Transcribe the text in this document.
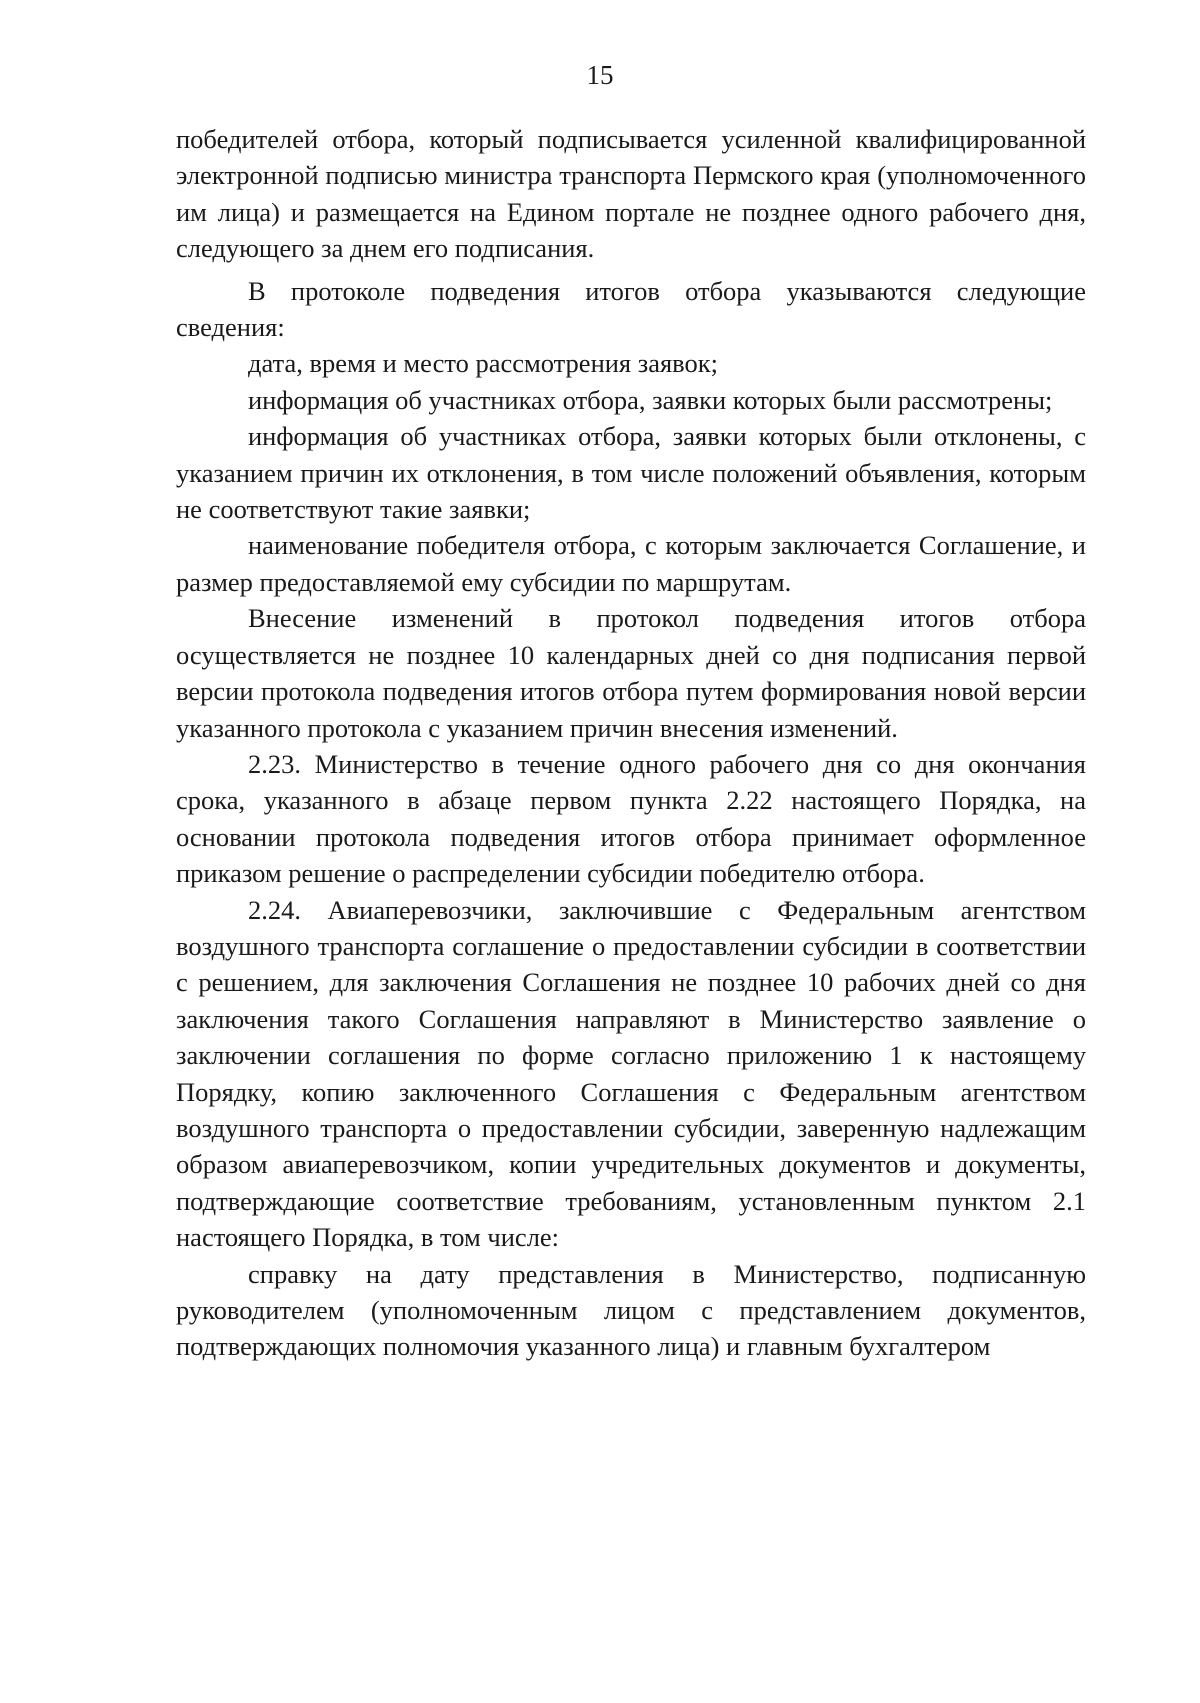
15

победителей отбора, который подписывается усиленной квалифицированной электронной подписью министра транспорта Пермского края (уполномоченного им лица) и размещается на Едином портале не позднее одного рабочего дня, следующего за днем его подписания.

В протоколе подведения итогов отбора указываются следующие сведения:

дата, время и место рассмотрения заявок;

информация об участниках отбора, заявки которых были рассмотрены;

информация об участниках отбора, заявки которых были отклонены, с указанием причин их отклонения, в том числе положений объявления, которым не соответствуют такие заявки;

наименование победителя отбора, с которым заключается Соглашение, и размер предоставляемой ему субсидии по маршрутам.

Внесение изменений в протокол подведения итогов отбора осуществляется не позднее 10 календарных дней со дня подписания первой версии протокола подведения итогов отбора путем формирования новой версии указанного протокола с указанием причин внесения изменений.

2.23. Министерство в течение одного рабочего дня со дня окончания срока, указанного в абзаце первом пункта 2.22 настоящего Порядка, на основании протокола подведения итогов отбора принимает оформленное приказом решение о распределении субсидии победителю отбора.

2.24. Авиаперевозчики, заключившие с Федеральным агентством воздушного транспорта соглашение о предоставлении субсидии в соответствии с решением, для заключения Соглашения не позднее 10 рабочих дней со дня заключения такого Соглашения направляют в Министерство заявление о заключении соглашения по форме согласно приложению 1 к настоящему Порядку, копию заключенного Соглашения с Федеральным агентством воздушного транспорта о предоставлении субсидии, заверенную надлежащим образом авиаперевозчиком, копии учредительных документов и документы, подтверждающие соответствие требованиям, установленным пунктом 2.1 настоящего Порядка, в том числе:

справку на дату представления в Министерство, подписанную руководителем (уполномоченным лицом с представлением документов, подтверждающих полномочия указанного лица) и главным бухгалтером
